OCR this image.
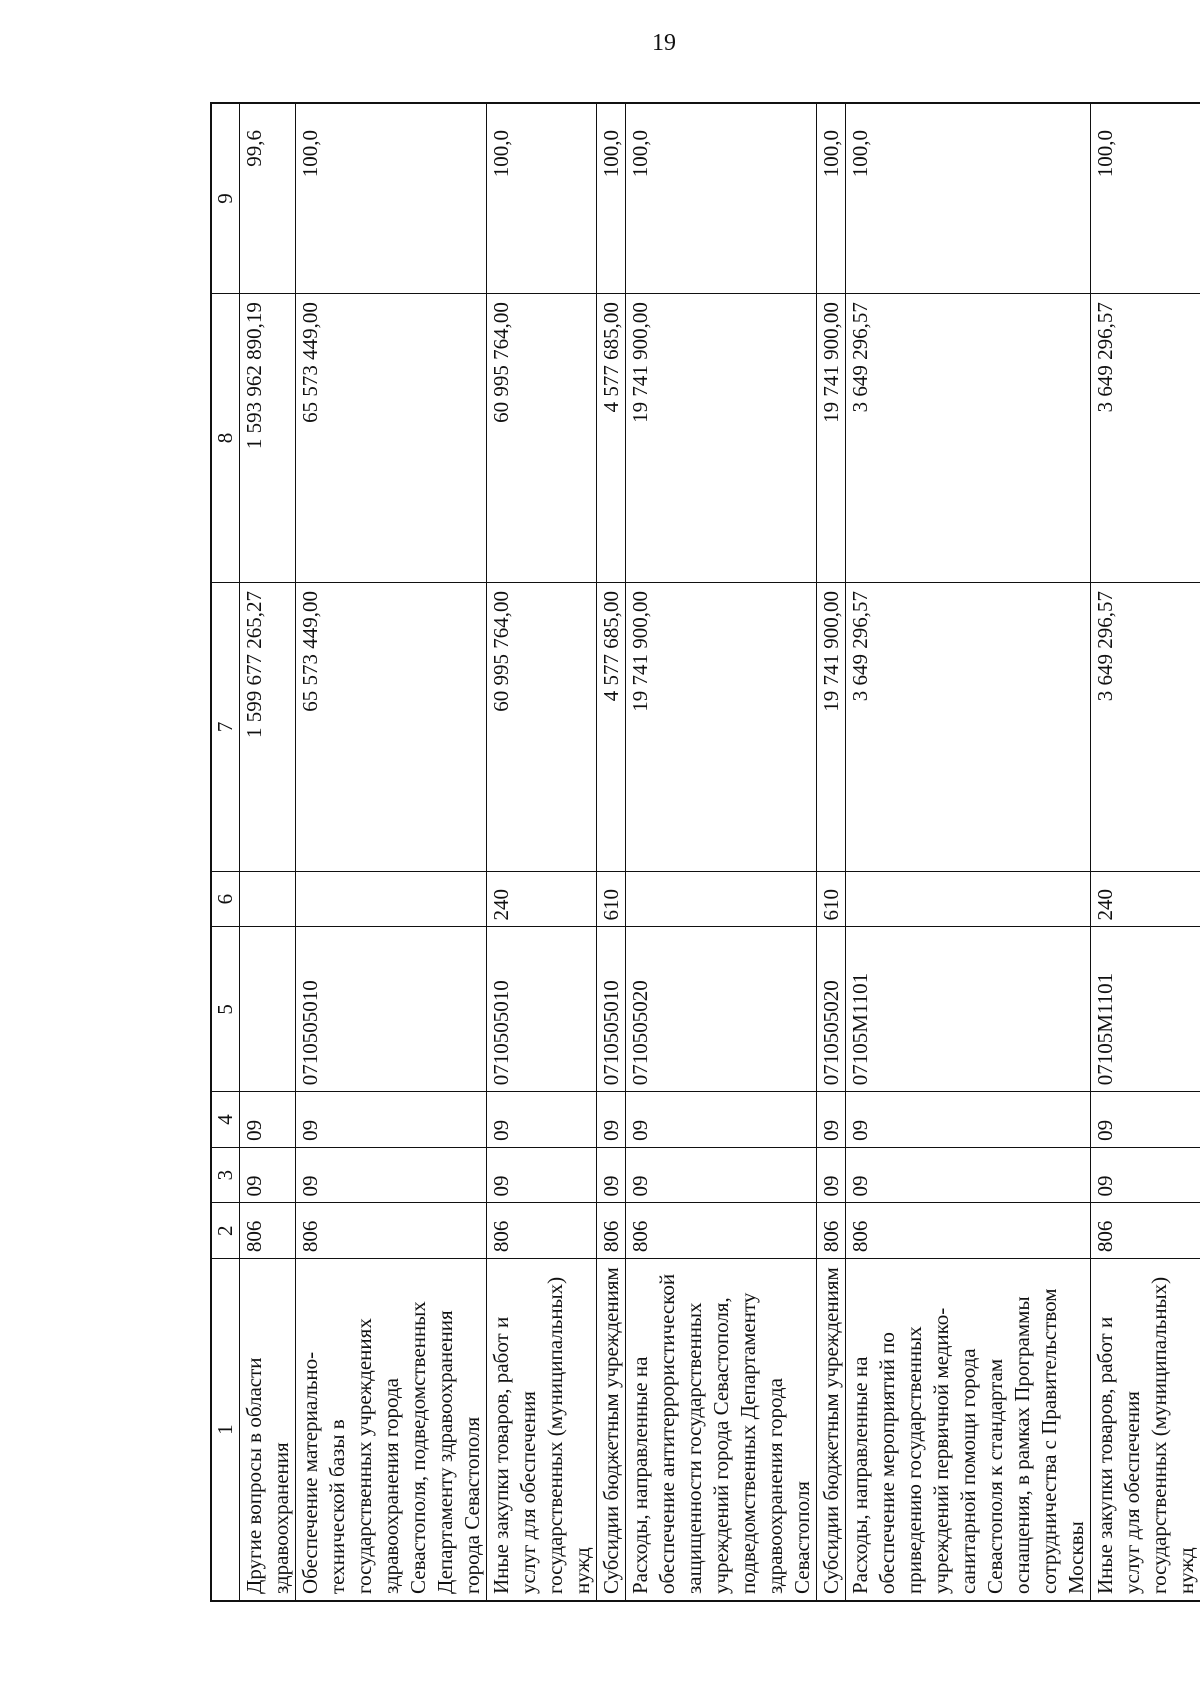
19
1	2	3	4	5	6	7	8	9
Другие вопросы в области здравоохранения	806	09	09			1 599 677 265,27	1 593 962 890,19	99,6
Обеспечение материально-технической базы в государственных учреждениях здравоохранения города Севастополя, подведомственных Департаменту здравоохранения города Севастополя	806	09	09	0710505010		65 573 449,00	65 573 449,00	100,0
Иные закупки товаров, работ и услуг для обеспечения государственных (муниципальных) нужд	806	09	09	0710505010	240	60 995 764,00	60 995 764,00	100,0
Субсидии бюджетным учреждениям	806	09	09	0710505010	610	4 577 685,00	4 577 685,00	100,0
Расходы, направленные на обеспечение антитеррористической защищенности государственных учреждений города Севастополя, подведомственных Департаменту здравоохранения города Севастополя	806	09	09	0710505020		19 741 900,00	19 741 900,00	100,0
Субсидии бюджетным учреждениям	806	09	09	0710505020	610	19 741 900,00	19 741 900,00	100,0
Расходы, направленные на обеспечение мероприятий по приведению государственных учреждений первичной медико-санитарной помощи города Севастополя к стандартам оснащения, в рамках Программы сотрудничества с Правительством Москвы	806	09	09	07105M1101		3 649 296,57	3 649 296,57	100,0
Иные закупки товаров, работ и услуг для обеспечения государственных (муниципальных) нужд	806	09	09	07105M1101	240	3 649 296,57	3 649 296,57	100,0
